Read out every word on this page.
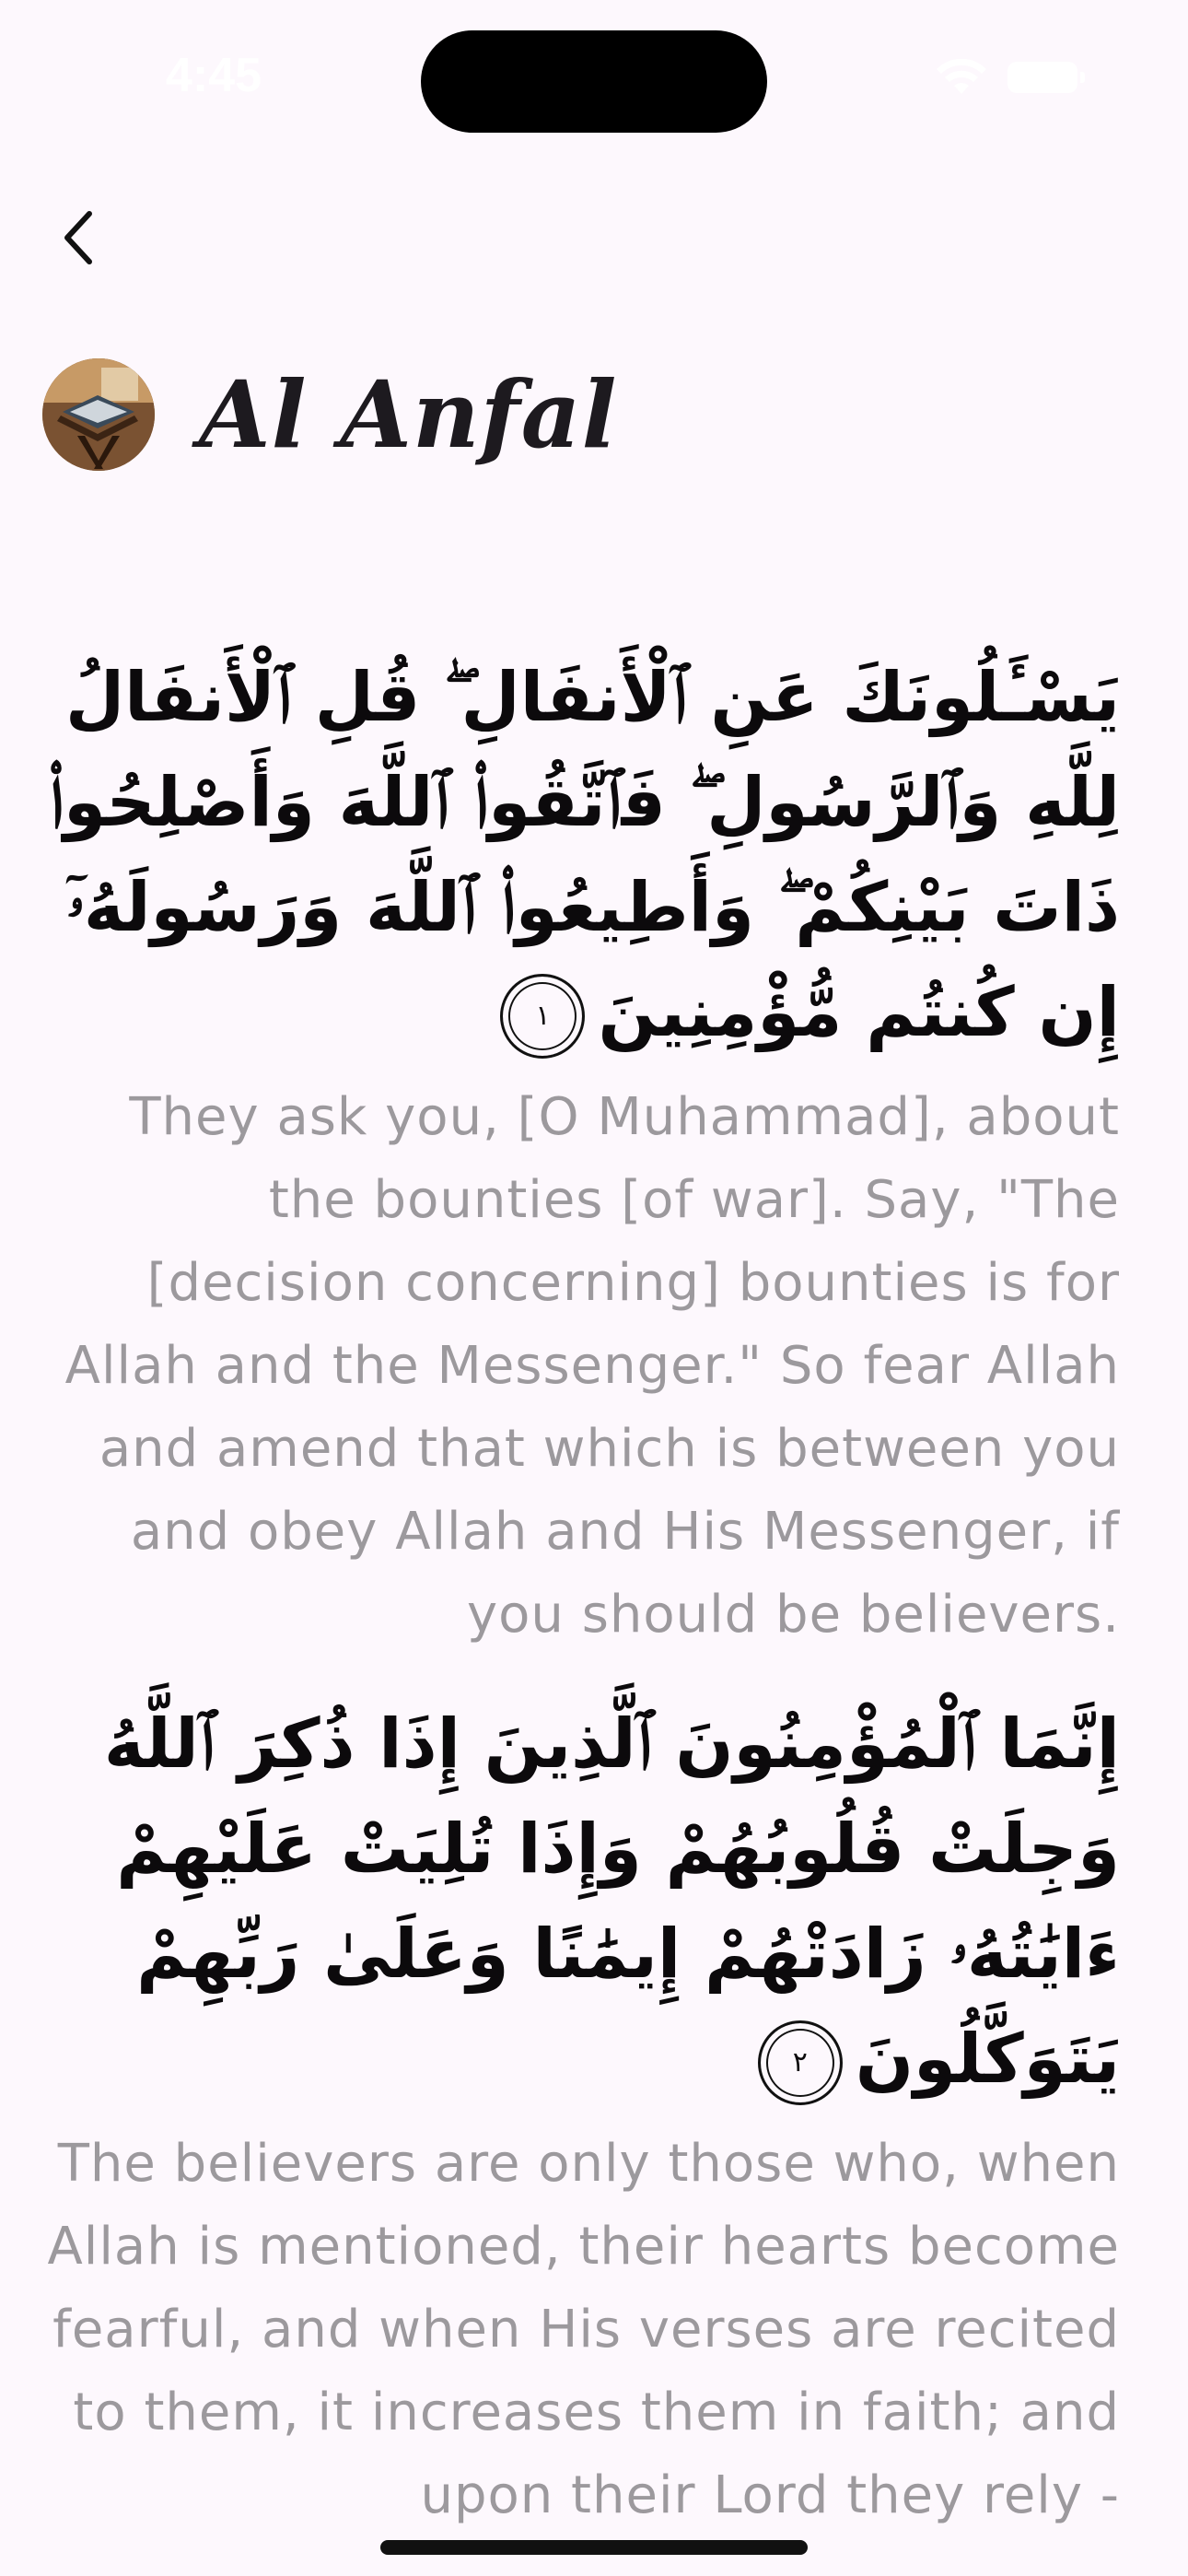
4:45
Al Anfal
يَسْـَٔلُونَكَ عَنِ ٱلْأَنفَالِ ۖ قُلِ ٱلْأَنفَالُ لِلَّهِ وَٱلرَّسُولِ ۖ فَٱتَّقُوا۟ ٱللَّهَ وَأَصْلِحُوا۟ ذَاتَ بَيْنِكُمْ ۖ وَأَطِيعُوا۟ ٱللَّهَ وَرَسُولَهُۥٓ إِن كُنتُم مُّؤْمِنِينَ١
They ask you, [O Muhammad], about the bounties [of war]. Say, "The [decision concerning] bounties is for Allah and the Messenger." So fear Allah and amend that which is between you and obey Allah and His Messenger, if you should be believers.
إِنَّمَا ٱلْمُؤْمِنُونَ ٱلَّذِينَ إِذَا ذُكِرَ ٱللَّهُ وَجِلَتْ قُلُوبُهُمْ وَإِذَا تُلِيَتْ عَلَيْهِمْ ءَايَٰتُهُۥ زَادَتْهُمْ إِيمَٰنًا وَعَلَىٰ رَبِّهِمْ يَتَوَكَّلُونَ٢
The believers are only those who, when Allah is mentioned, their hearts become fearful, and when His verses are recited to them, it increases them in faith; and upon their Lord they rely -
